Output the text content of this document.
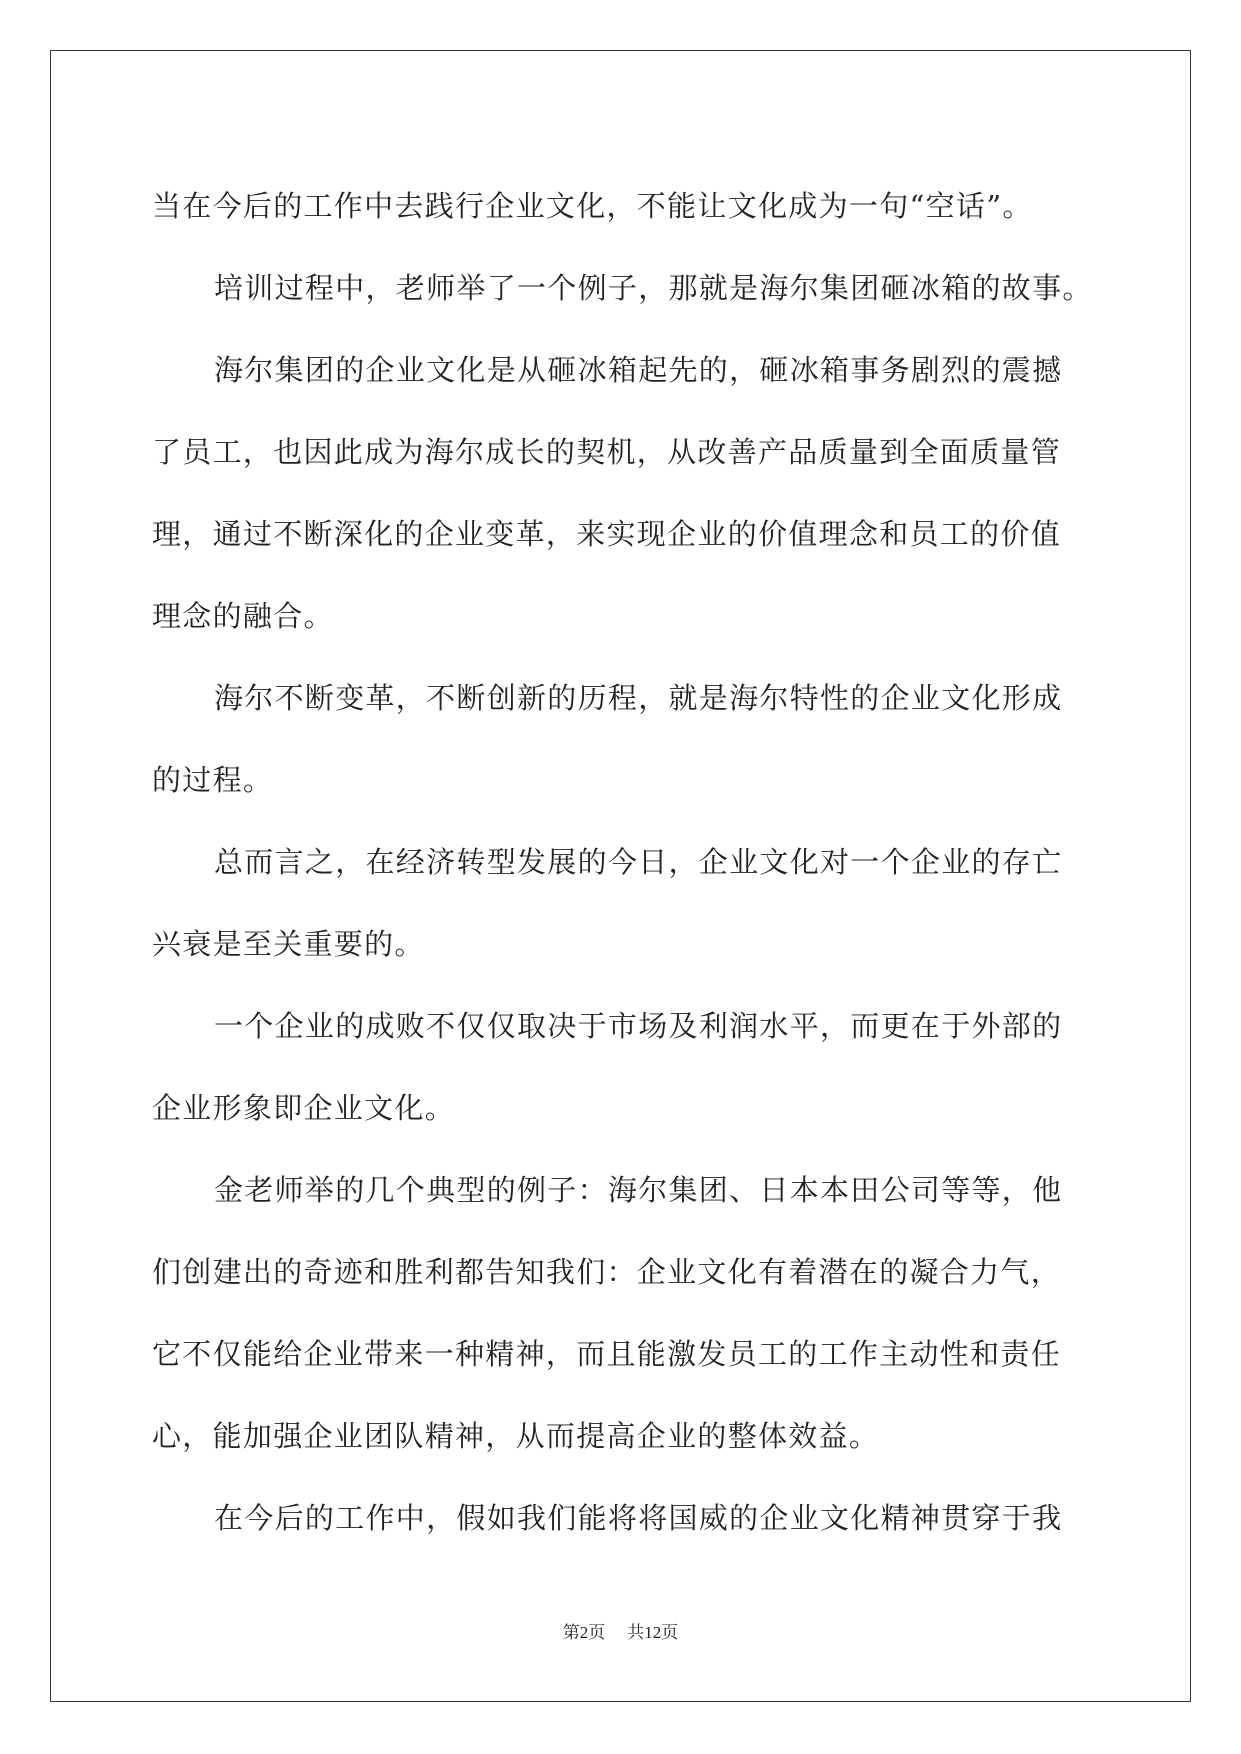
当在今后的工作中去践行企业文化，不能让文化成为一句“空话”。

培训过程中，老师举了一个例子，那就是海尔集团砸冰箱的故事。

海尔集团的企业文化是从砸冰箱起先的，砸冰箱事务剧烈的震撼

了员工，也因此成为海尔成长的契机，从改善产品质量到全面质量管

理，通过不断深化的企业变革，来实现企业的价值理念和员工的价值

理念的融合。

海尔不断变革，不断创新的历程，就是海尔特性的企业文化形成

的过程。

总而言之，在经济转型发展的今日，企业文化对一个企业的存亡

兴衰是至关重要的。

一个企业的成败不仅仅取决于市场及利润水平，而更在于外部的

企业形象即企业文化。

金老师举的几个典型的例子：海尔集团、日本本田公司等等，他

们创建出的奇迹和胜利都告知我们：企业文化有着潜在的凝合力气，

它不仅能给企业带来一种精神，而且能激发员工的工作主动性和责任

心，能加强企业团队精神，从而提高企业的整体效益。

在今后的工作中，假如我们能将将国威的企业文化精神贯穿于我

第2页 共12页
